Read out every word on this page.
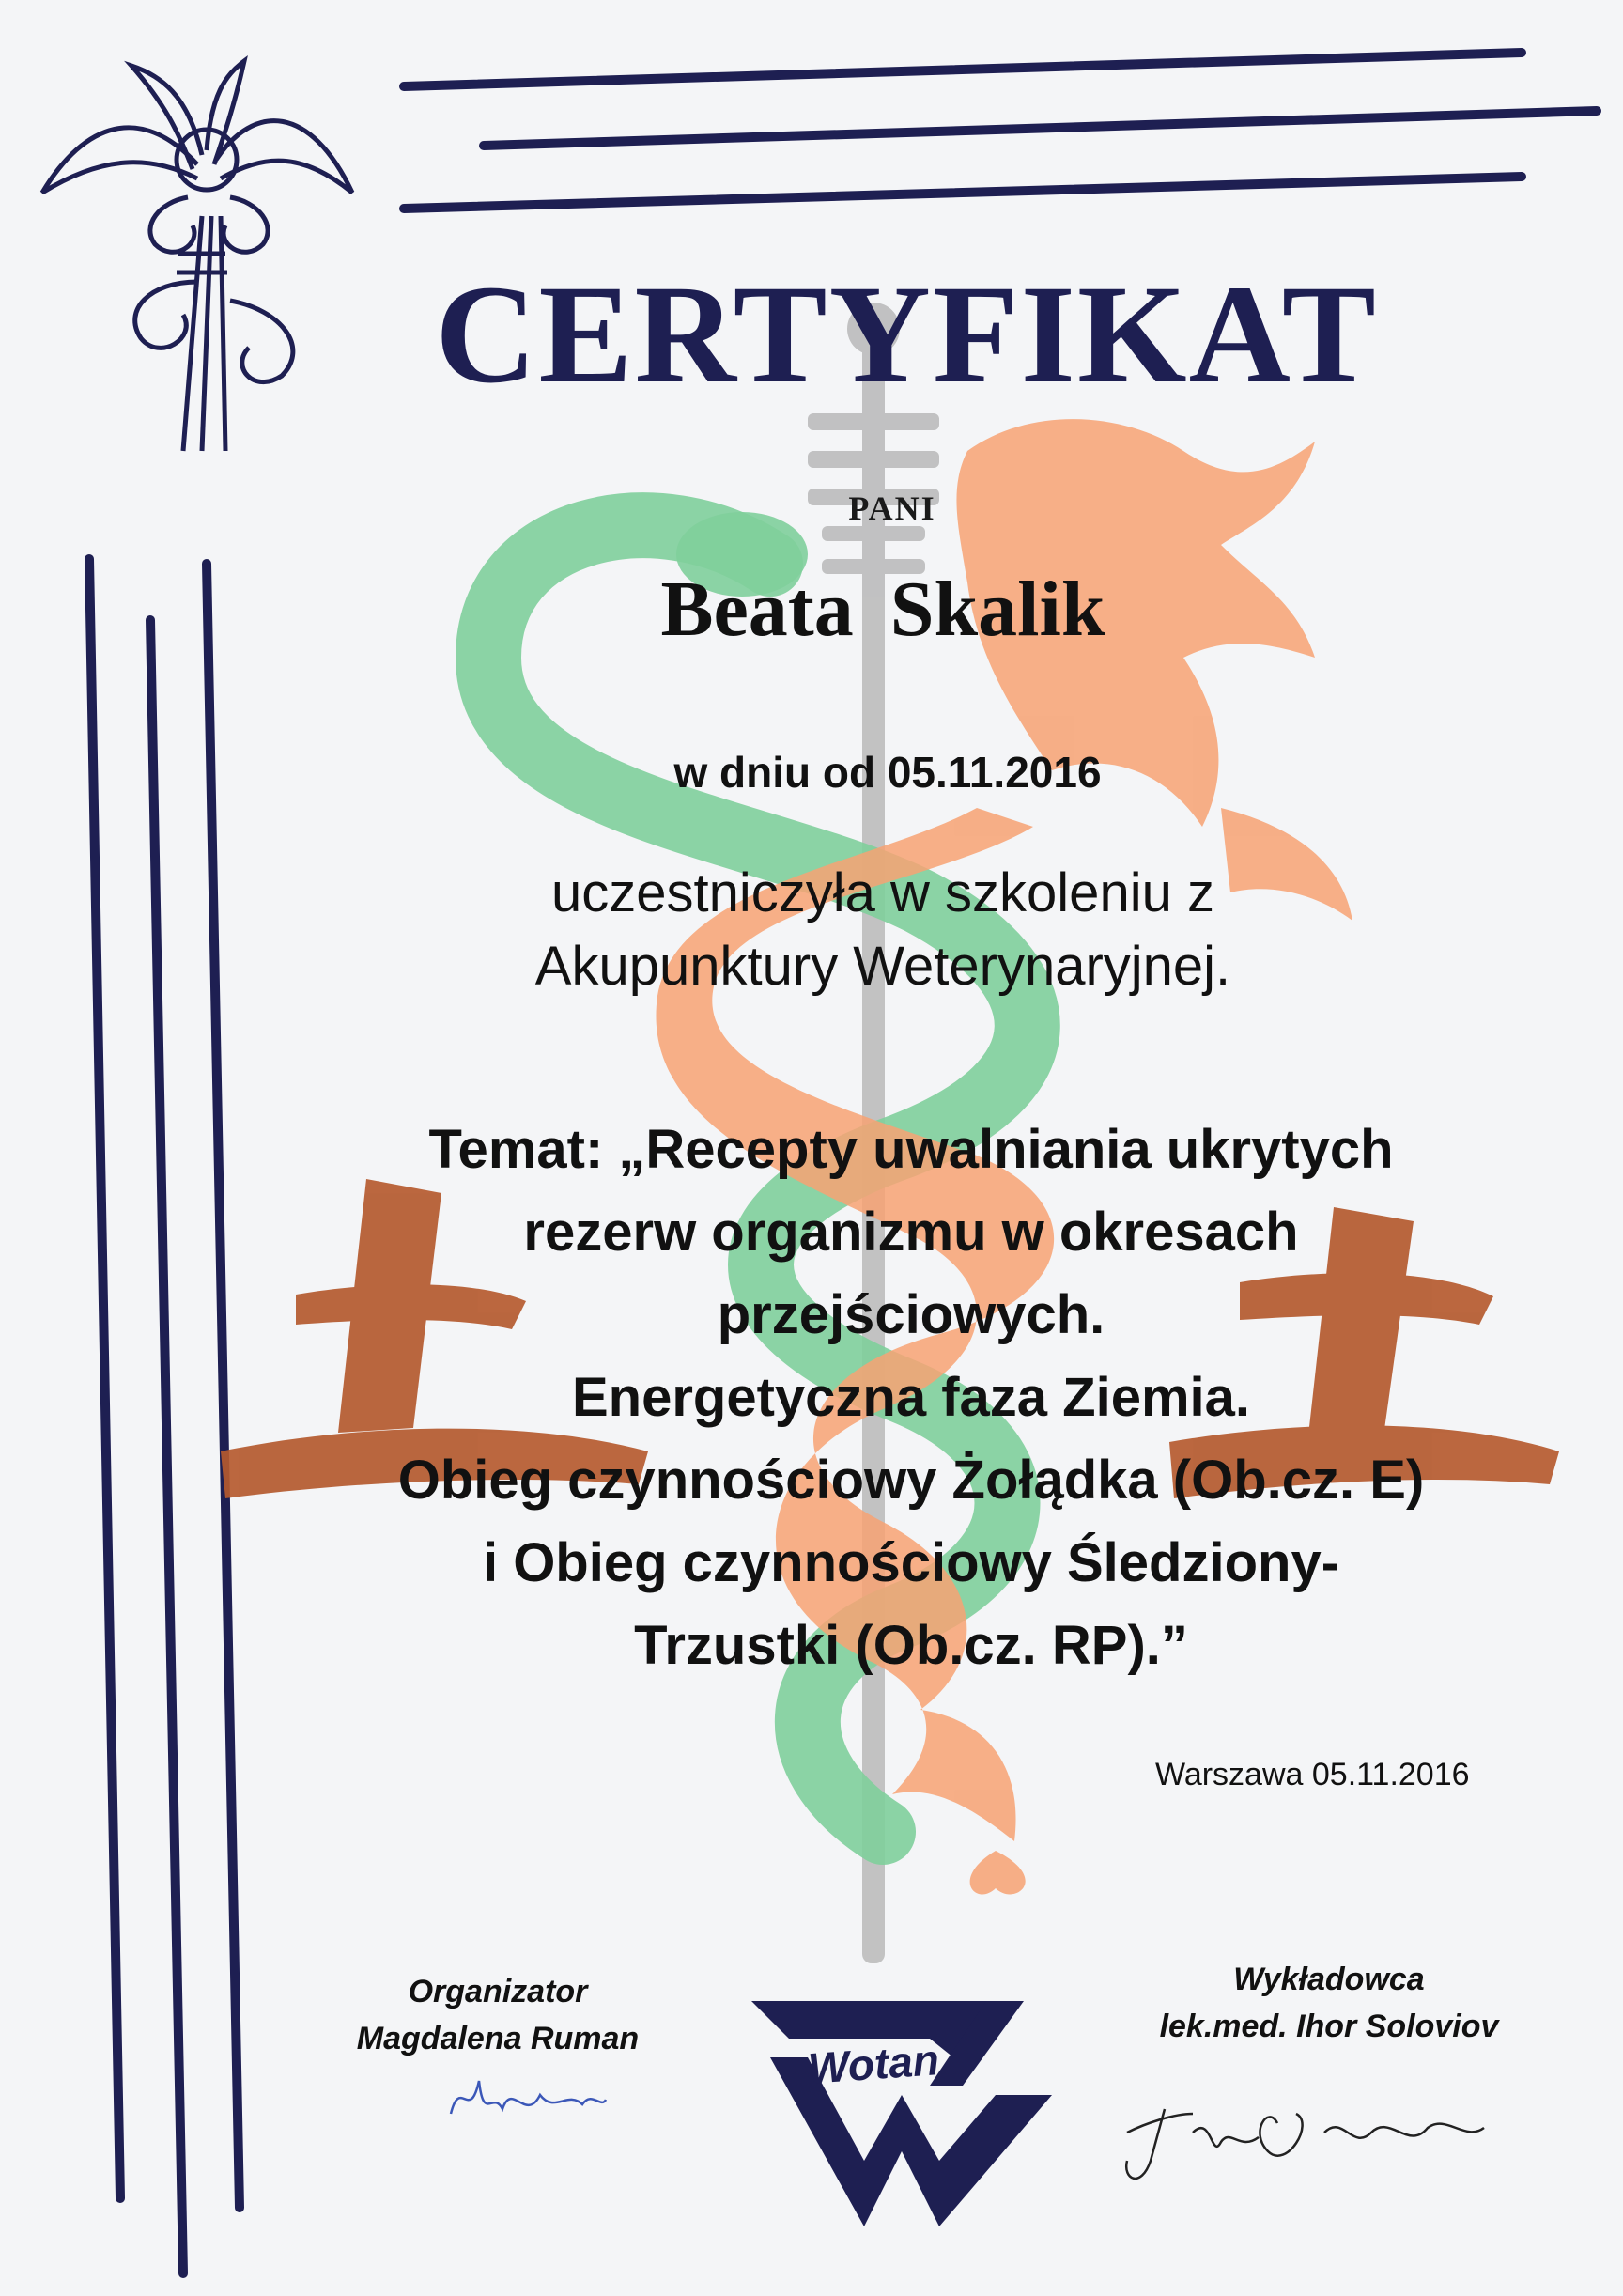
CERTYFIKAT
PANI
Beata Skalik
w dniu od 05.11.2016
uczestniczyła w szkoleniu z
Akupunktury Weterynaryjnej.
Temat: „Recepty uwalniania ukrytych
rezerw organizmu w okresach
przejściowych.
Energetyczna faza Ziemia.
Obieg czynnościowy Żołądka (Ob.cz. E)
i Obieg czynnościowy Śledziony-
Trzustki (Ob.cz. RP).”
Warszawa 05.11.2016
Organizator
Magdalena Ruman
Wykładowca
lek.med. Ihor Soloviov
Wotan
